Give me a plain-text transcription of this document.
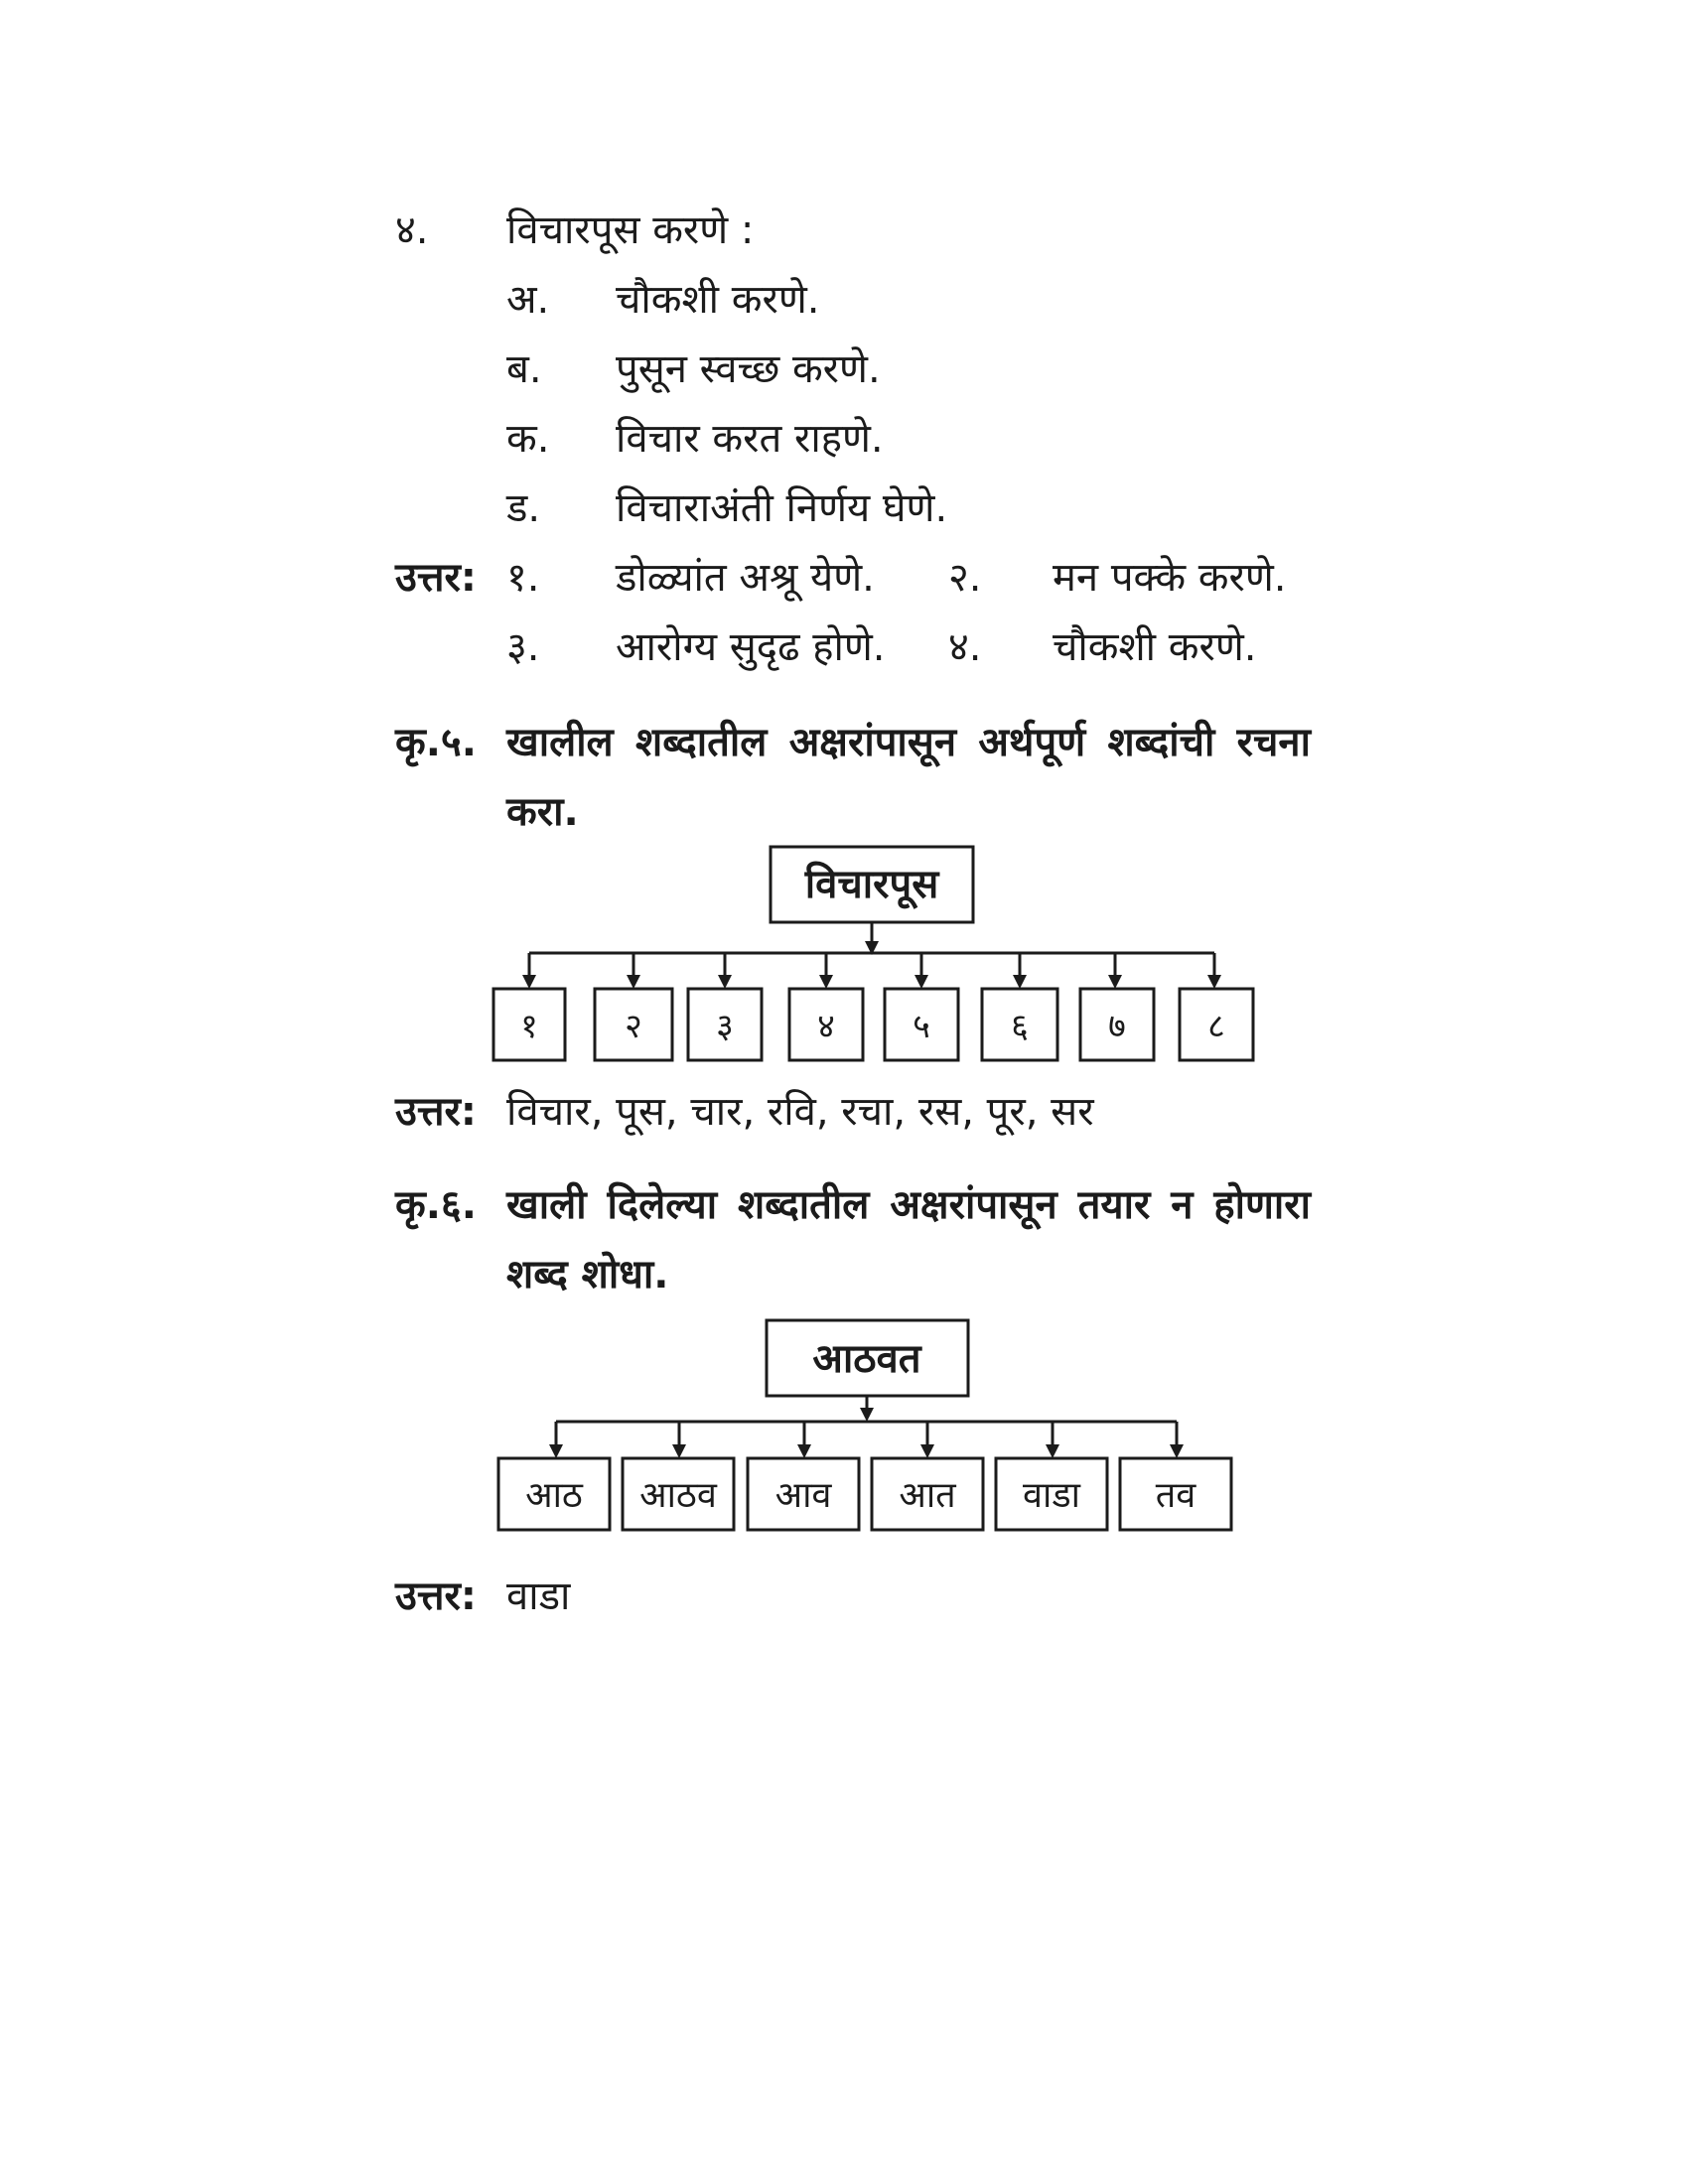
४. विचारपूस करणे :
अ. चौकशी करणे.
ब. पुसून स्वच्छ करणे.
क. विचार करत राहणे.
ड. विचाराअंती निर्णय घेणे.
उत्तर: १. डोळ्यांत अश्रू येणे. २. मन पक्के करणे.
३. आरोग्य सुदृढ होणे. ४. चौकशी करणे.
कृ.५. खालील शब्दातील अक्षरांपासून अर्थपूर्ण शब्दांची रचना करा.
विचारपूस
१	२ ३ ४ ५ ६ ७ ८
उत्तर: विचार, पूस, चार, रवि, रचा, रस, पूर, सर
कृ.६. खाली दिलेल्या शब्दातील अक्षरांपासून तयार न होणारा शब्द शोधा.
आठवत
आठ आठव आव आत वाडा तव
उत्तर: वाडा
